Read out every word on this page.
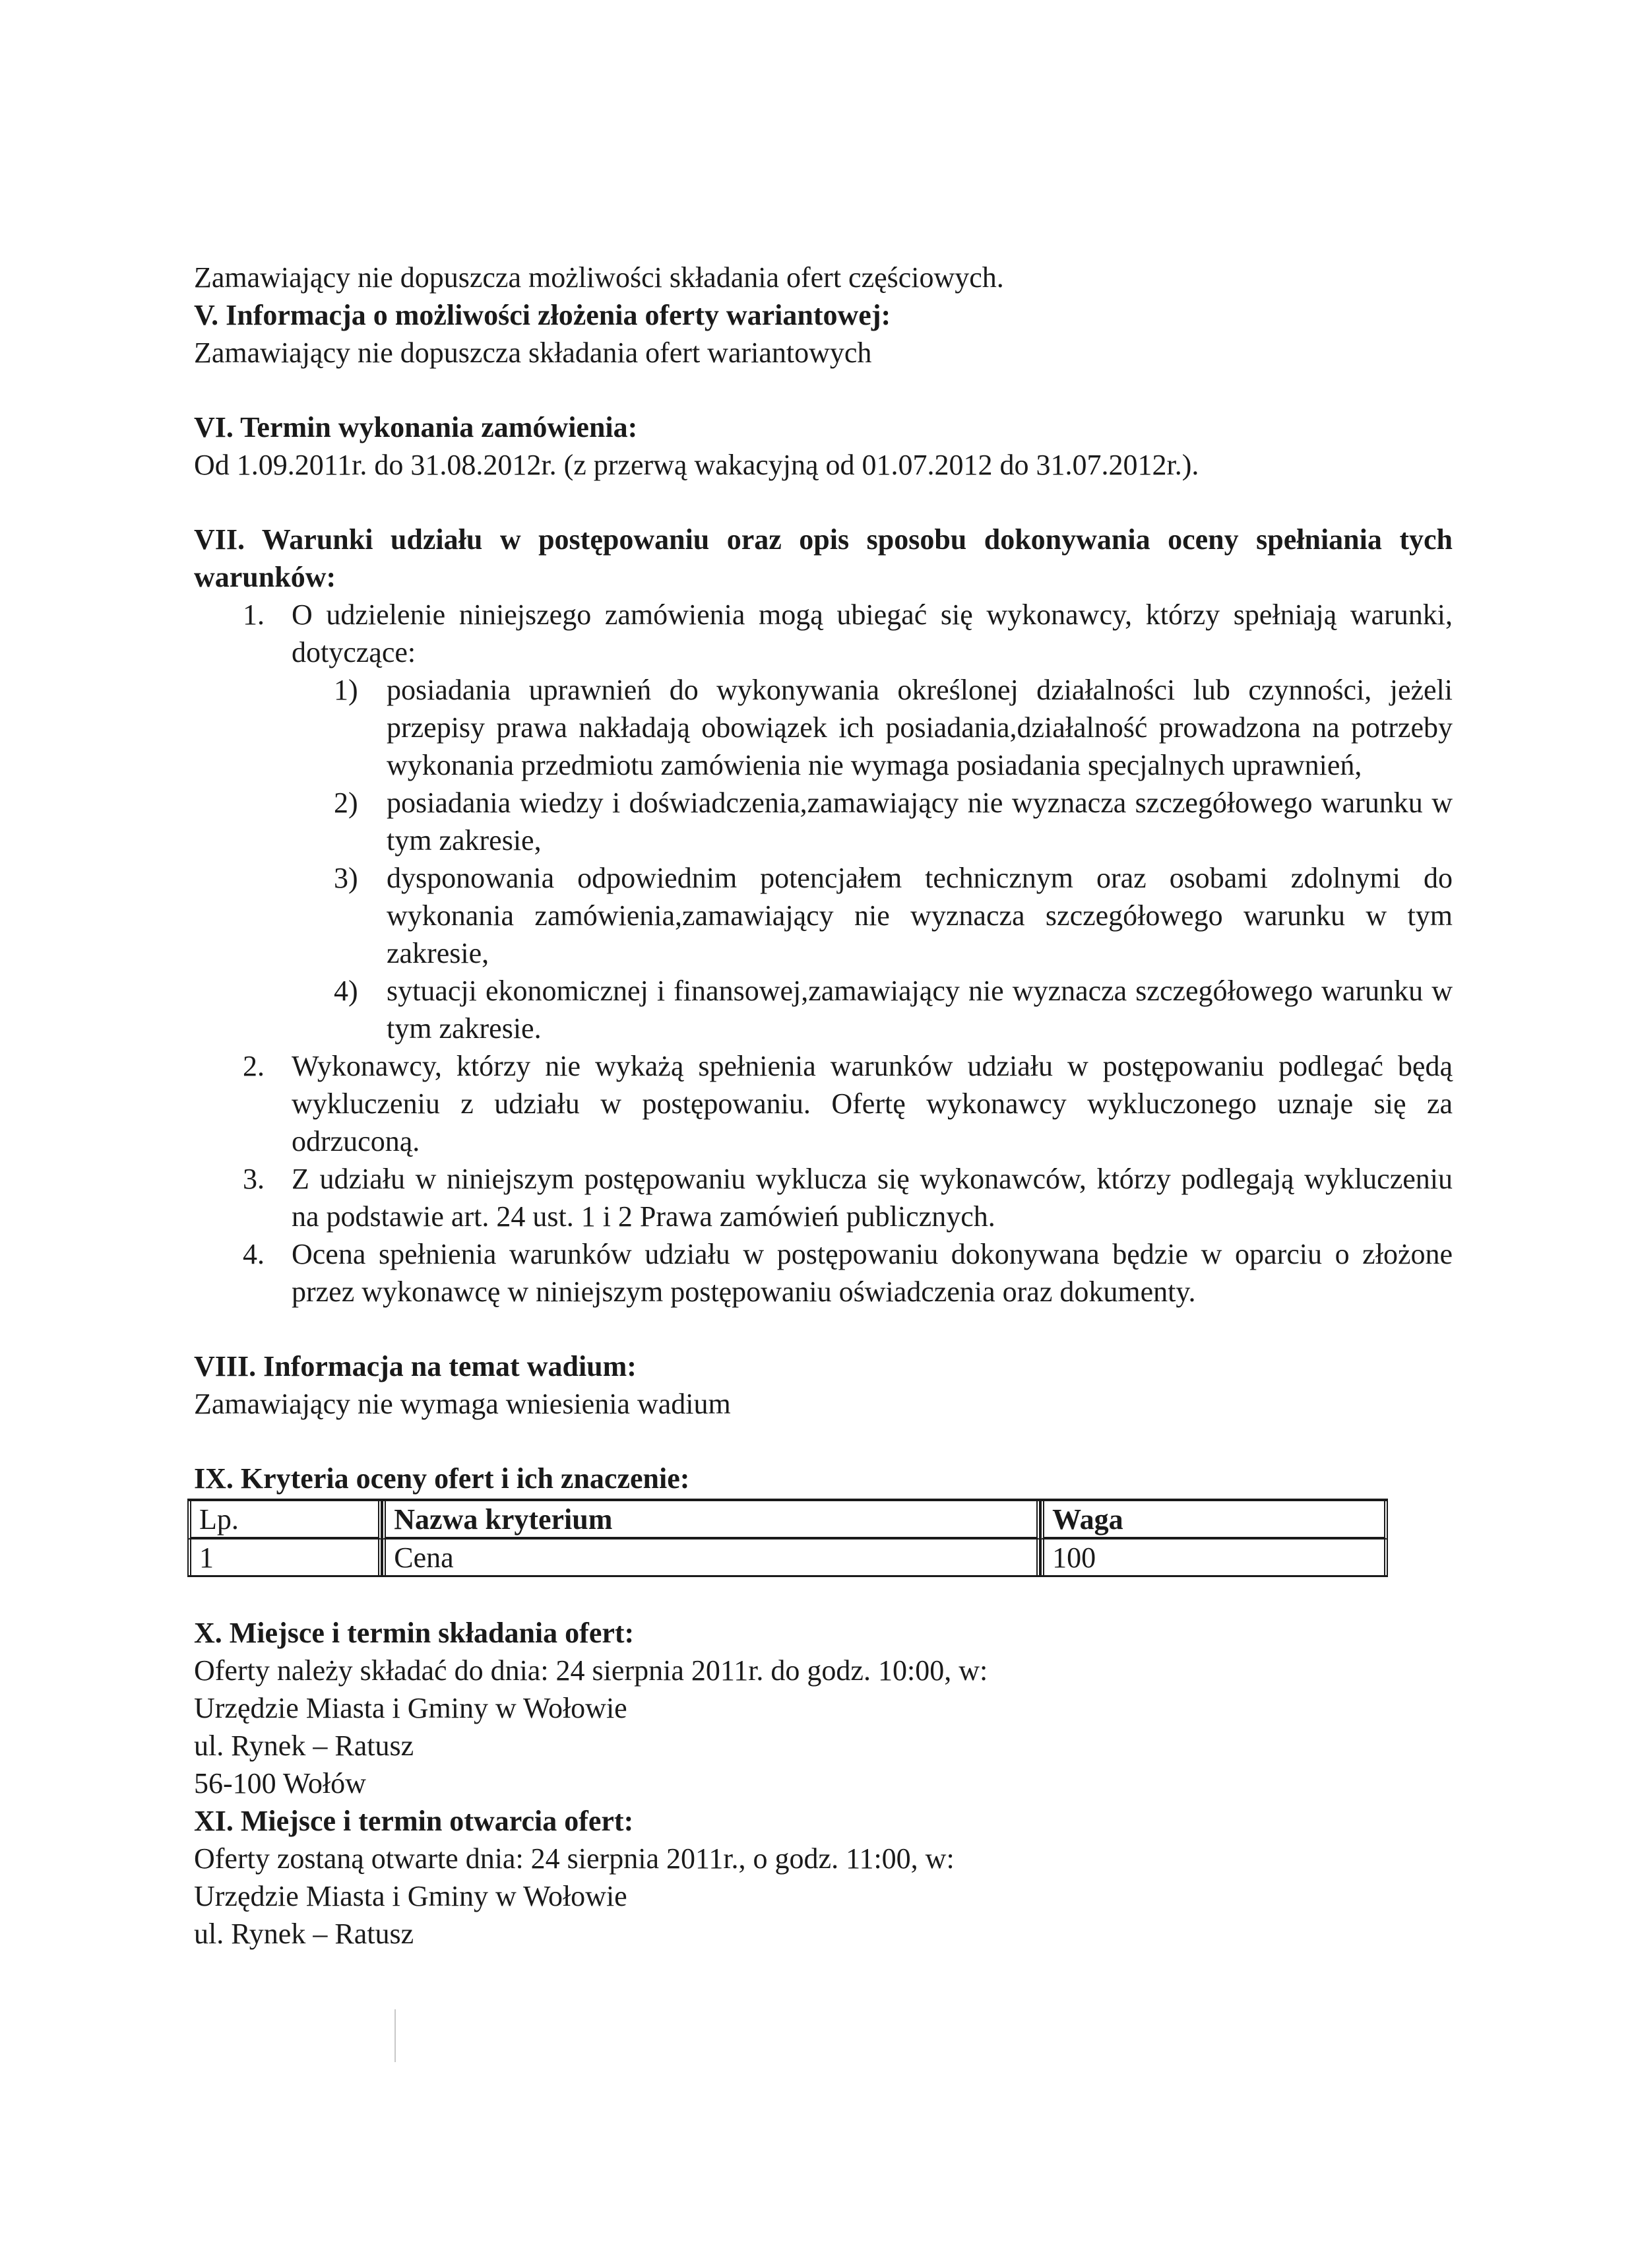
Zamawiający nie dopuszcza możliwości składania ofert częściowych.

V. Informacja o możliwości złożenia oferty wariantowej:

Zamawiający nie dopuszcza składania ofert wariantowych

VI. Termin wykonania zamówienia:

Od 1.09.2011r. do 31.08.2012r. (z przerwą wakacyjną od 01.07.2012 do 31.07.2012r.).

VII. Warunki udziału w postępowaniu oraz opis sposobu dokonywania oceny spełniania tych warunków:

1. O udzielenie niniejszego zamówienia mogą ubiegać się wykonawcy, którzy spełniają warunki, dotyczące:
1) posiadania uprawnień do wykonywania określonej działalności lub czynności, jeżeli przepisy prawa nakładają obowiązek ich posiadania,działalność prowadzona na potrzeby wykonania przedmiotu zamówienia nie wymaga posiadania specjalnych uprawnień,
2) posiadania wiedzy i doświadczenia,zamawiający nie wyznacza szczegółowego warunku w tym zakresie,
3) dysponowania odpowiednim potencjałem technicznym oraz osobami zdolnymi do wykonania zamówienia,zamawiający nie wyznacza szczegółowego warunku w tym zakresie,
4) sytuacji ekonomicznej i finansowej,zamawiający nie wyznacza szczegółowego warunku w tym zakresie.
2. Wykonawcy, którzy nie wykażą spełnienia warunków udziału w postępowaniu podlegać będą wykluczeniu z udziału w postępowaniu. Ofertę wykonawcy wykluczonego uznaje się za odrzuconą.
3. Z udziału w niniejszym postępowaniu wyklucza się wykonawców, którzy podlegają wykluczeniu na podstawie art. 24 ust. 1 i 2 Prawa zamówień publicznych.
4. Ocena spełnienia warunków udziału w postępowaniu dokonywana będzie w oparciu o złożone przez wykonawcę w niniejszym postępowaniu oświadczenia oraz dokumenty.

VIII. Informacja na temat wadium:

Zamawiający nie wymaga wniesienia wadium

IX. Kryteria oceny ofert i ich znaczenie:

Lp.	Nazwa kryterium	Waga
1	Cena	100

X. Miejsce i termin składania ofert:

Oferty należy składać do dnia: 24 sierpnia 2011r. do godz. 10:00, w:

Urzędzie Miasta i Gminy w Wołowie

ul. Rynek – Ratusz

56-100 Wołów

XI. Miejsce i termin otwarcia ofert:

Oferty zostaną otwarte dnia: 24 sierpnia 2011r., o godz. 11:00, w:

Urzędzie Miasta i Gminy w Wołowie

ul. Rynek – Ratusz
